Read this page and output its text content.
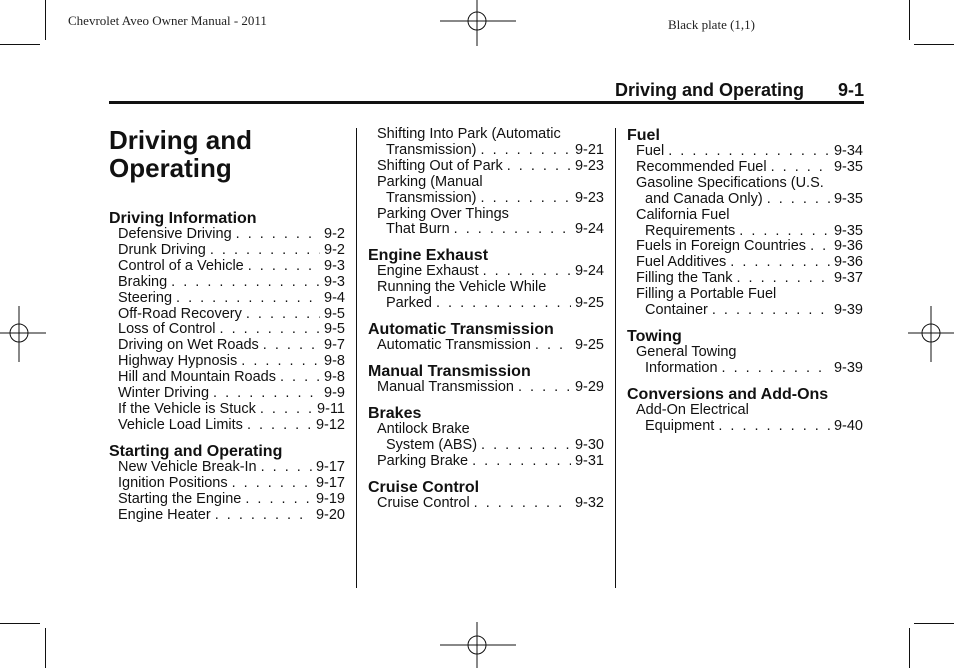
Chevrolet Aveo Owner Manual - 2011	Black plate (1,1)
Driving and Operating 9-1
Driving and
Operating
Driving Information
Defensive Driving . . .	9-2
Drunk Driving . . .	9-2
Control of a Vehicle . . .	9-3
Braking . . .	9-3
Steering . . .	9-4
Off-Road Recovery . . .	9-5
Loss of Control . . .	9-5
Driving on Wet Roads . . .	9-7
Highway Hypnosis . . .	9-8
Hill and Mountain Roads . . .	9-8
Winter Driving . . .	9-9
If the Vehicle is Stuck . . .	9-11
Vehicle Load Limits . . .	9-12
Starting and Operating
New Vehicle Break-In . . .	9-17
Ignition Positions . . .	9-17
Starting the Engine . . .	9-19
Engine Heater . . .	9-20
Shifting Into Park (Automatic
Transmission) . . .	9-21
Shifting Out of Park . . .	9-23
Parking (Manual
Transmission) . . .	9-23
Parking Over Things
That Burn . . .	9-24
Engine Exhaust
Engine Exhaust . . .	9-24
Running the Vehicle While
Parked . . .	9-25
Automatic Transmission
Automatic Transmission . . .	9-25
Manual Transmission
Manual Transmission . . .	9-29
Brakes
Antilock Brake
System (ABS) . . .	9-30
Parking Brake . . .	9-31
Cruise Control
Cruise Control . . .	9-32
Fuel
Fuel . . .	9-34
Recommended Fuel . . .	9-35
Gasoline Specifications (U.S.
and Canada Only) . . .	9-35
California Fuel
Requirements . . .	9-35
Fuels in Foreign Countries . . . 9-36
Fuel Additives . . .	9-36
Filling the Tank . . .	9-37
Filling a Portable Fuel
Container . . .	9-39
Towing
General Towing
Information . . .	9-39
Conversions and Add-Ons
Add-On Electrical
Equipment . . .	9-40
